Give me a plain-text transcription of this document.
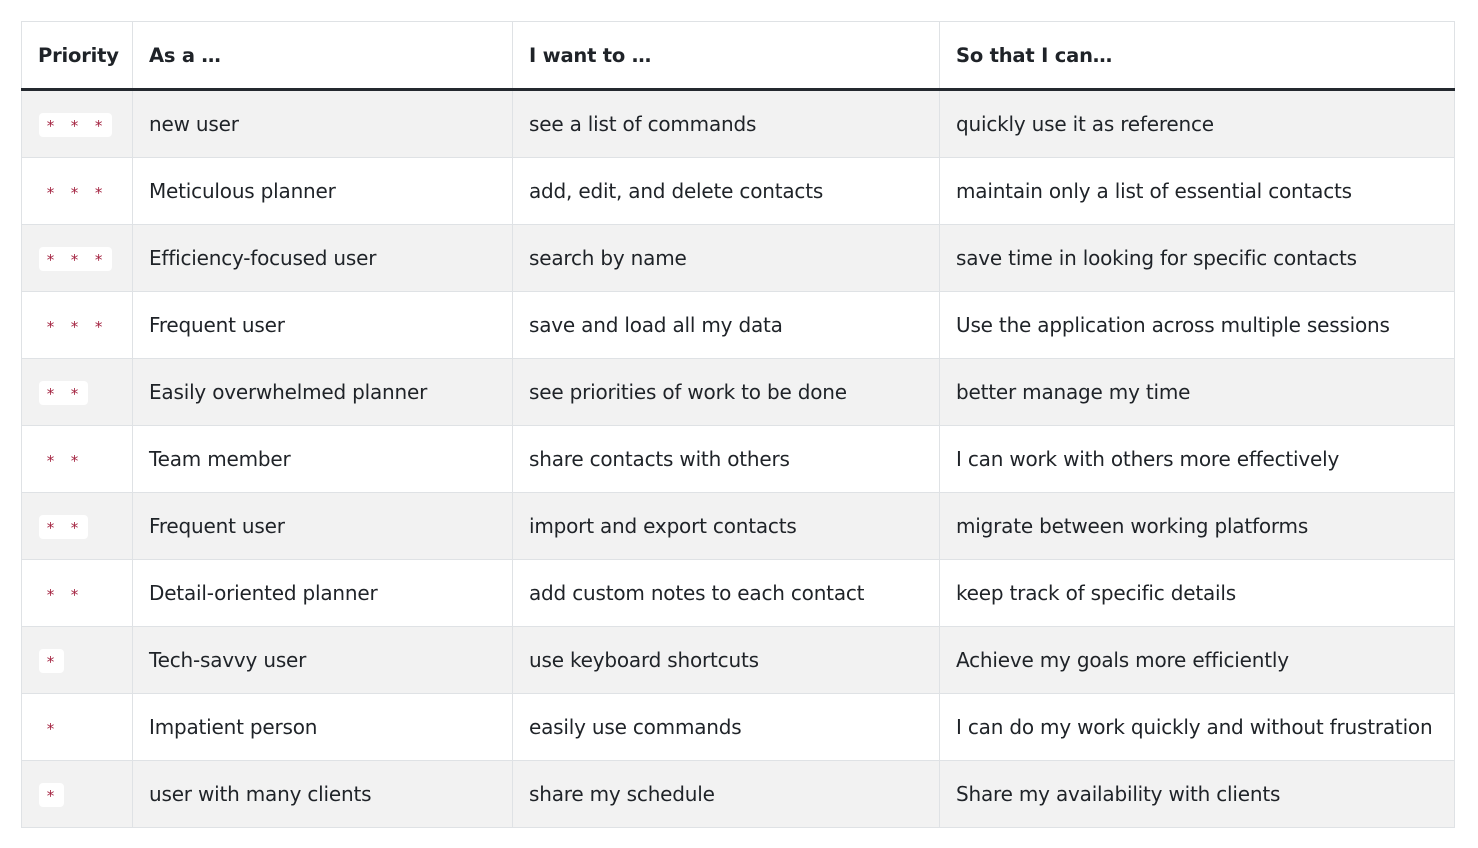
Priority	As a …	I want to …	So that I can…
* * *	new user	see a list of commands	quickly use it as reference
* * *	Meticulous planner	add, edit, and delete contacts	maintain only a list of essential contacts
* * *	Efficiency-focused user	search by name	save time in looking for specific contacts
* * *	Frequent user	save and load all my data	Use the application across multiple sessions
* *	Easily overwhelmed planner	see priorities of work to be done	better manage my time
* *	Team member	share contacts with others	I can work with others more effectively
* *	Frequent user	import and export contacts	migrate between working platforms
* *	Detail-oriented planner	add custom notes to each contact	keep track of specific details
*	Tech-savvy user	use keyboard shortcuts	Achieve my goals more efficiently
*	Impatient person	easily use commands	I can do my work quickly and without frustration
*	user with many clients	share my schedule	Share my availability with clients
